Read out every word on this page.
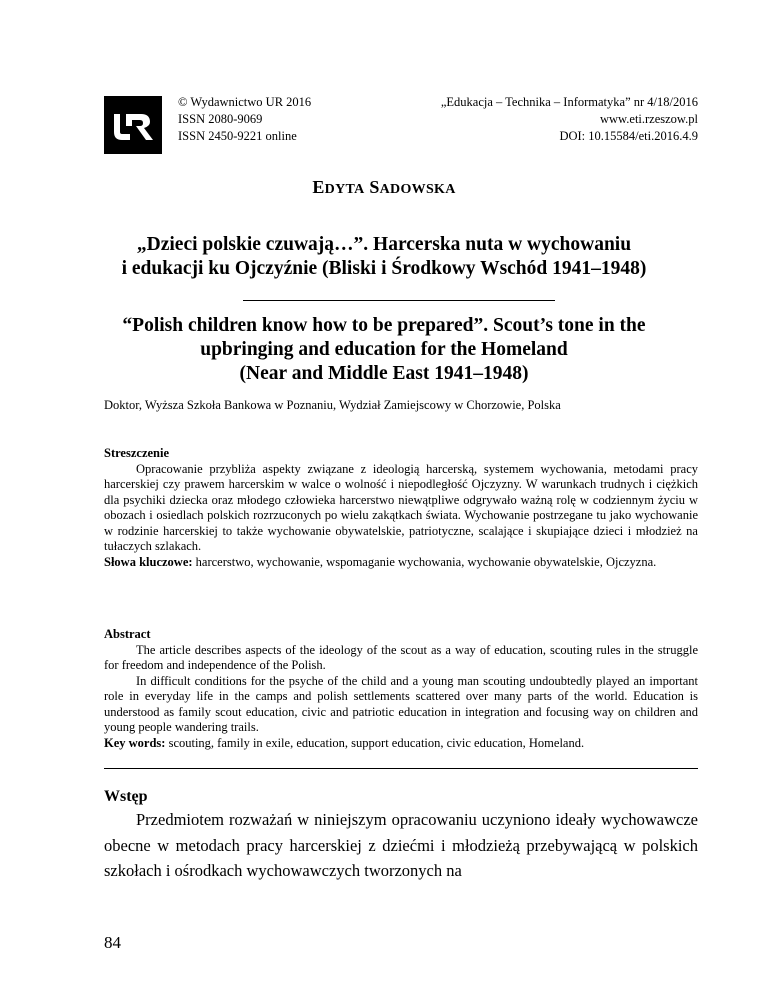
© Wydawnictwo UR 2016
ISSN 2080-9069
ISSN 2450-9221 online
„Edukacja – Technika – Informatyka” nr 4/18/2016
www.eti.rzeszow.pl
DOI: 10.15584/eti.2016.4.9
EDYTA SADOWSKA
„Dzieci polskie czuwają…”. Harcerska nuta w wychowaniu
i edukacji ku Ojczyźnie (Bliski i Środkowy Wschód 1941–1948)
“Polish children know how to be prepared”. Scout’s tone in the
upbringing and education for the Homeland
(Near and Middle East 1941–1948)
Doktor, Wyższa Szkoła Bankowa w Poznaniu, Wydział Zamiejscowy w Chorzowie, Polska
Streszczenie

Opracowanie przybliża aspekty związane z ideologią harcerską, systemem wychowania, metodami pracy harcerskiej czy prawem harcerskim w walce o wolność i niepodległość Ojczyzny. W warunkach trudnych i ciężkich dla psychiki dziecka oraz młodego człowieka harcerstwo niewątpliwe odgrywało ważną rolę w codziennym życiu w obozach i osiedlach polskich rozrzuconych po wielu zakątkach świata. Wychowanie postrzegane tu jako wychowanie w rodzinie harcerskiej to także wychowanie obywatelskie, patriotyczne, scalające i skupiające dzieci i młodzież na tułaczych szlakach.

Słowa kluczowe: harcerstwo, wychowanie, wspomaganie wychowania, wychowanie obywatelskie, Ojczyzna.

Abstract

The article describes aspects of the ideology of the scout as a way of education, scouting rules in the struggle for freedom and independence of the Polish.

In difficult conditions for the psyche of the child and a young man scouting undoubtedly played an important role in everyday life in the camps and polish settlements scattered over many parts of the world. Education is understood as family scout education, civic and patriotic education in integration and focusing way on children and young people wandering trails.

Key words: scouting, family in exile, education, support education, civic education, Homeland.

Wstęp

Przedmiotem rozważań w niniejszym opracowaniu uczyniono ideały wychowawcze obecne w metodach pracy harcerskiej z dziećmi i młodzieżą przebywającą w polskich szkołach i ośrodkach wychowawczych tworzonych na

84
